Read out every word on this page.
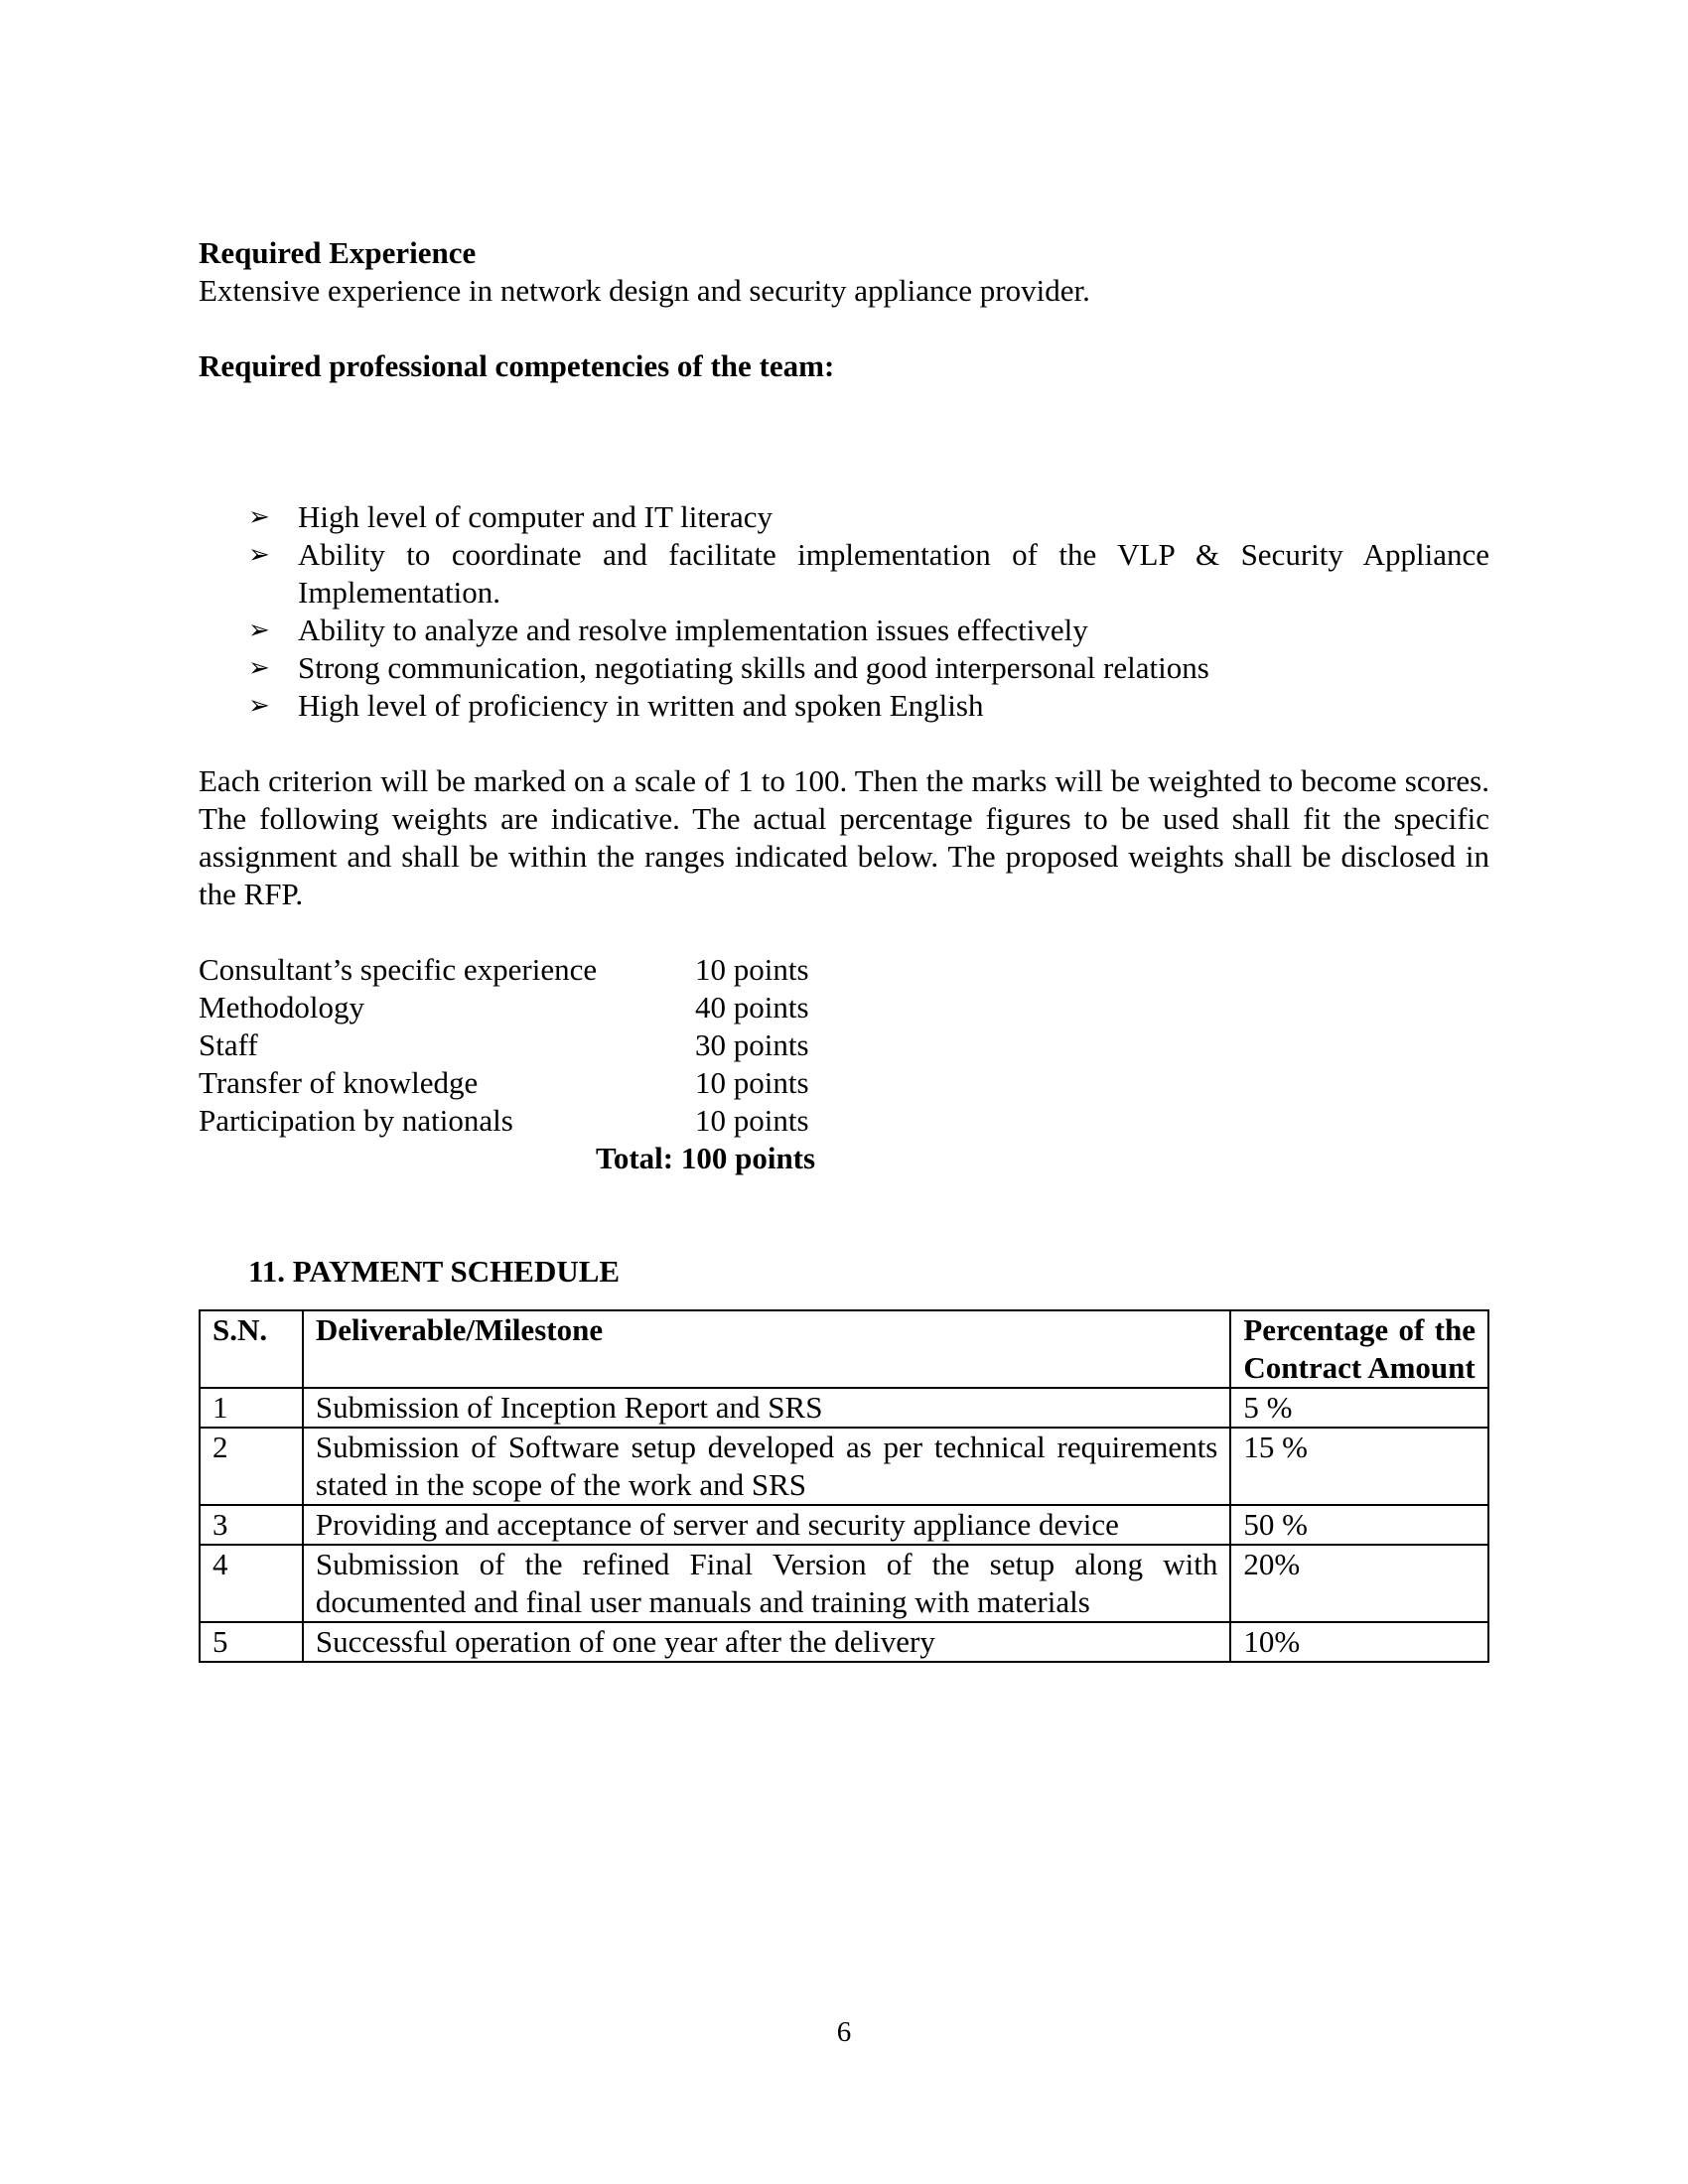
Required Experience

Extensive experience in network design and security appliance provider.

Required professional competencies of the team:

➢ High level of computer and IT literacy
➢ Ability to coordinate and facilitate implementation of the VLP & Security Appliance Implementation.
➢ Ability to analyze and resolve implementation issues effectively
➢ Strong communication, negotiating skills and good interpersonal relations
➢ High level of proficiency in written and spoken English

Each criterion will be marked on a scale of 1 to 100. Then the marks will be weighted to become scores. The following weights are indicative. The actual percentage figures to be used shall fit the specific assignment and shall be within the ranges indicated below. The proposed weights shall be disclosed in the RFP.

Consultant’s specific experience	10 points
Methodology	40 points
Staff	30 points
Transfer of knowledge	10 points
Participation by nationals	10 points
Total: 100 points

11. PAYMENT SCHEDULE

S.N.	Deliverable/Milestone	Percentage of the Contract Amount
1	Submission of Inception Report and SRS	5 %
2	Submission of Software setup developed as per technical requirements stated in the scope of the work and SRS	15 %
3	Providing and acceptance of server and security appliance device	50 %
4	Submission of the refined Final Version of the setup along with documented and final user manuals and training with materials	20%
5	Successful operation of one year after the delivery	10%
6
